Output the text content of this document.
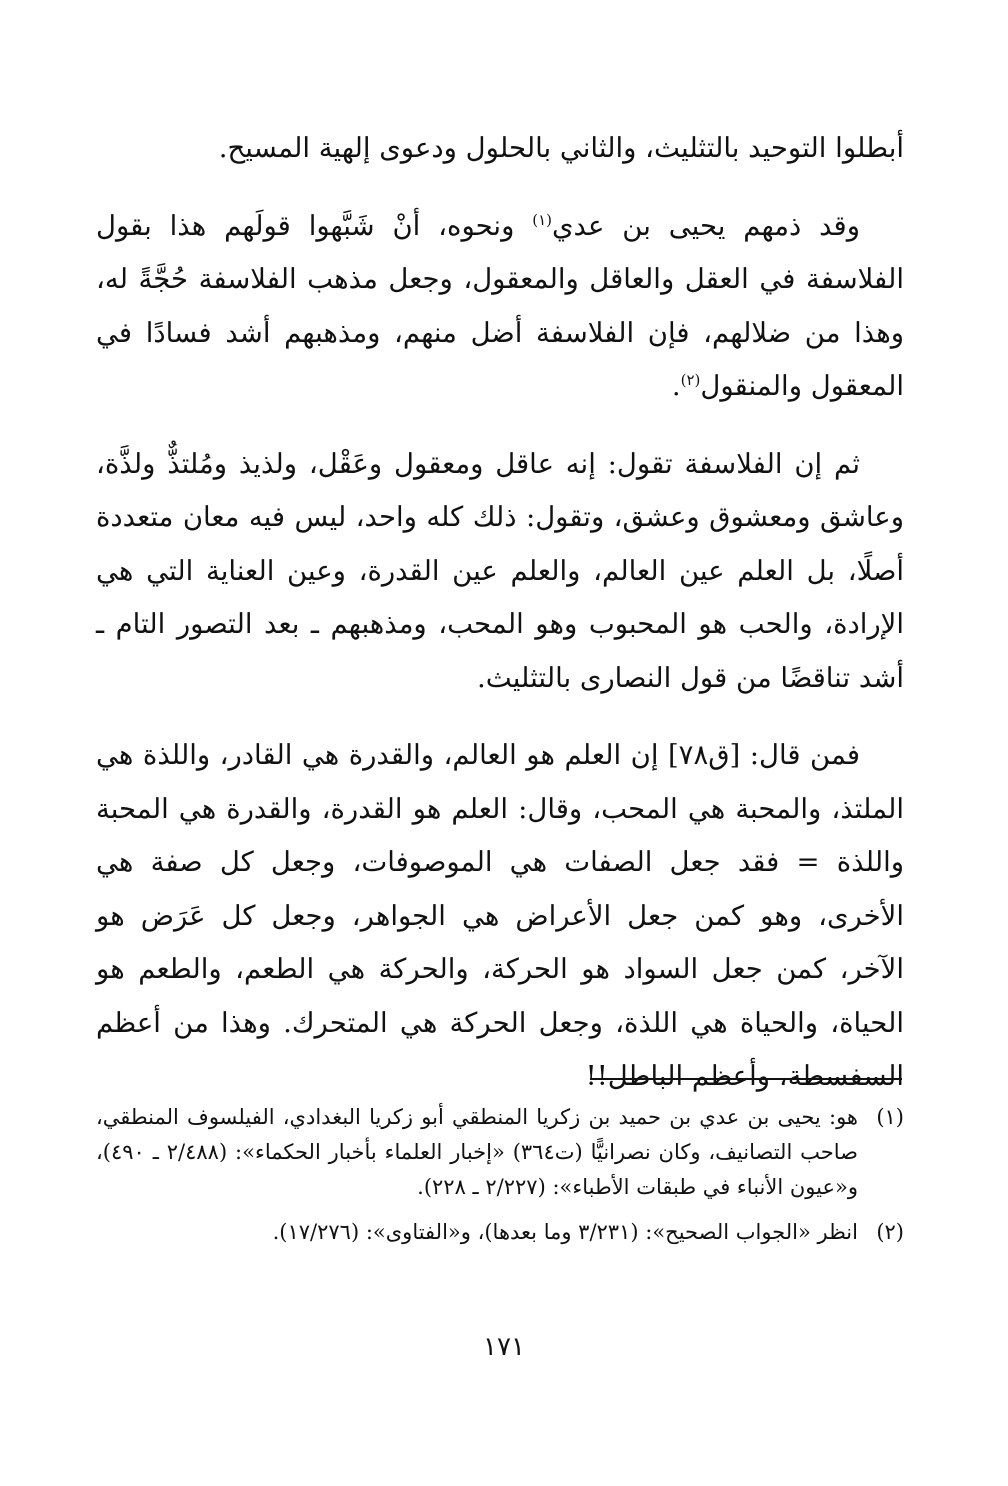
أبطلوا التوحيد بالتثليث، والثاني بالحلول ودعوى إلهية المسيح.

وقد ذمهم يحيى بن عدي$^{(١)}$ ونحوه، أنْ شَبَّهوا قولَهم هذا بقول الفلاسفة في العقل والعاقل والمعقول، وجعل مذهب الفلاسفة حُجَّةً له، وهذا من ضلالهم، فإن الفلاسفة أضل منهم، ومذهبهم أشد فسادًا في المعقول والمنقول$^{(٢)}$.

ثم إن الفلاسفة تقول: إنه عاقل ومعقول وعَقْل، ولذيذ ومُلتذٌّ ولذَّة، وعاشق ومعشوق وعشق، وتقول: ذلك كله واحد، ليس فيه معان متعددة أصلًا، بل العلم عين العالم، والعلم عين القدرة، وعين العناية التي هي الإرادة، والحب هو المحبوب وهو المحب، ومذهبهم ـ بعد التصور التام ـ أشد تناقضًا من قول النصارى بالتثليث.

فمن قال: [ق٧٨] إن العلم هو العالم، والقدرة هي القادر، واللذة هي الملتذ، والمحبة هي المحب، وقال: العلم هو القدرة، والقدرة هي المحبة واللذة = فقد جعل الصفات هي الموصوفات، وجعل كل صفة هي الأخرى، وهو كمن جعل الأعراض هي الجواهر، وجعل كل عَرَض هو الآخر، كمن جعل السواد هو الحركة، والحركة هي الطعم، والطعم هو الحياة، والحياة هي اللذة، وجعل الحركة هي المتحرك. وهذا من أعظم السفسطة، وأعظم الباطل!!

(١)
هو: يحيى بن عدي بن حميد بن زكريا المنطقي أبو زكريا البغدادي، الفيلسوف المنطقي، صاحب التصانيف، وكان نصرانيًّا (ت٣٦٤) «إخبار العلماء بأخبار الحكماء»: (٢/٤٨٨ ـ ٤٩٠)، و«عيون الأنباء في طبقات الأطباء»: (٢/٢٢٧ ـ ٢٢٨).
(٢)
انظر «الجواب الصحيح»: (٣/٢٣١ وما بعدها)، و«الفتاوى»: (١٧/٢٧٦).
١٧١
